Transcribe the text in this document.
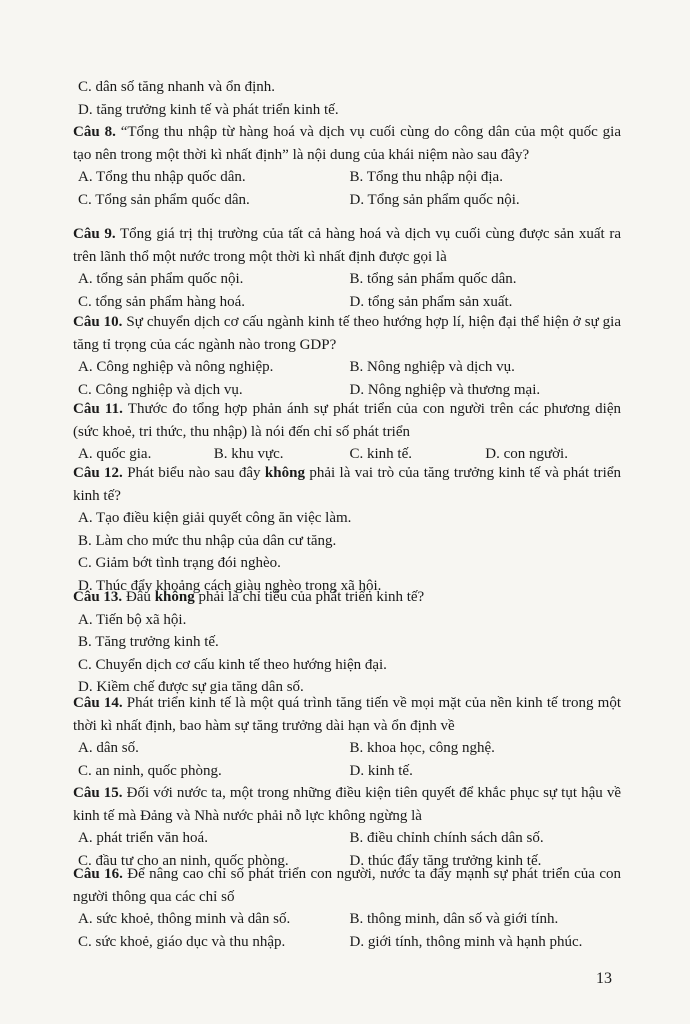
C. dân số tăng nhanh và ổn định.
D. tăng trưởng kinh tế và phát triển kinh tế.
Câu 8. “Tổng thu nhập từ hàng hoá và dịch vụ cuối cùng do công dân của một quốc gia tạo nên trong một thời kì nhất định” là nội dung của khái niệm nào sau đây?
A. Tổng thu nhập quốc dân.	B. Tổng thu nhập nội địa.
C. Tổng sản phẩm quốc dân.	D. Tổng sản phẩm quốc nội.
Câu 9. Tổng giá trị thị trường của tất cả hàng hoá và dịch vụ cuối cùng được sản xuất ra trên lãnh thổ một nước trong một thời kì nhất định được gọi là
A. tổng sản phẩm quốc nội.	B. tổng sản phẩm quốc dân.
C. tổng sản phẩm hàng hoá.	D. tổng sản phẩm sản xuất.
Câu 10. Sự chuyển dịch cơ cấu ngành kinh tế theo hướng hợp lí, hiện đại thể hiện ở sự gia tăng tỉ trọng của các ngành nào trong GDP?
A. Công nghiệp và nông nghiệp.	B. Nông nghiệp và dịch vụ.
C. Công nghiệp và dịch vụ.	D. Nông nghiệp và thương mại.
Câu 11. Thước đo tổng hợp phản ánh sự phát triển của con người trên các phương diện (sức khoẻ, tri thức, thu nhập) là nói đến chỉ số phát triển
A. quốc gia.	B. khu vực.	C. kinh tế.	D. con người.
Câu 12. Phát biểu nào sau đây không phải là vai trò của tăng trưởng kinh tế và phát triển kinh tế?
A. Tạo điều kiện giải quyết công ăn việc làm.
B. Làm cho mức thu nhập của dân cư tăng.
C. Giảm bớt tình trạng đói nghèo.
D. Thúc đẩy khoảng cách giàu nghèo trong xã hội.
Câu 13. Đâu không phải là chỉ tiêu của phát triển kinh tế?
A. Tiến bộ xã hội.
B. Tăng trưởng kinh tế.
C. Chuyển dịch cơ cấu kinh tế theo hướng hiện đại.
D. Kiềm chế được sự gia tăng dân số.
Câu 14. Phát triển kinh tế là một quá trình tăng tiến về mọi mặt của nền kinh tế trong một thời kì nhất định, bao hàm sự tăng trưởng dài hạn và ổn định về
A. dân số.	B. khoa học, công nghệ.
C. an ninh, quốc phòng.	D. kinh tế.
Câu 15. Đối với nước ta, một trong những điều kiện tiên quyết để khắc phục sự tụt hậu về kinh tế mà Đảng và Nhà nước phải nỗ lực không ngừng là
A. phát triển văn hoá.	B. điều chỉnh chính sách dân số.
C. đầu tư cho an ninh, quốc phòng.	D. thúc đẩy tăng trưởng kinh tế.
Câu 16. Để nâng cao chỉ số phát triển con người, nước ta đẩy mạnh sự phát triển của con người thông qua các chỉ số
A. sức khoẻ, thông minh và dân số.	B. thông minh, dân số và giới tính.
C. sức khoẻ, giáo dục và thu nhập.	D. giới tính, thông minh và hạnh phúc.
13
